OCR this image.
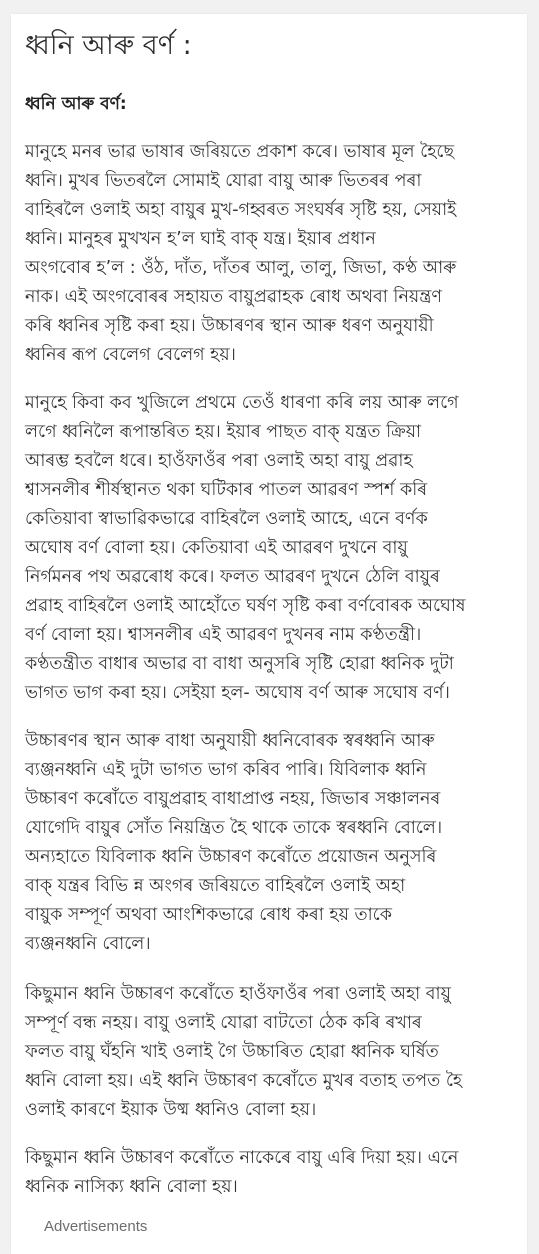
ধ্বনি আৰু বৰ্ণ :
ধ্বনি আৰু বৰ্ণ:

মানুহে মনৰ ভাৱ ভাষাৰ জৰিয়তে প্ৰকাশ কৰে। ভাষাৰ মূল হৈছে
ধ্বনি। মুখৰ ভিতৰলৈ সোমাই যোৱা বায়ু আৰু ভিতৰৰ পৰা
বাহিৰলৈ ওলাই অহা বায়ুৰ মুখ-গহ্বৰত সংঘৰ্ষৰ সৃষ্টি হয়, সেয়াই
ধ্বনি। মানুহৰ মুখখন হ’ল ঘাই বাক্ যন্ত্ৰ। ইয়াৰ প্ৰধান
অংগবোৰ হ’ল : ওঁঠ, দাঁত, দাঁতৰ আলু, তালু, জিভা, কণ্ঠ আৰু
নাক। এই অংগবোৰৰ সহায়ত বায়ুপ্ৰৱাহক ৰোধ অথবা নিয়ন্ত্ৰণ
কৰি ধ্বনিৰ সৃষ্টি কৰা হয়। উচ্চাৰণৰ স্থান আৰু ধৰণ অনুযায়ী
ধ্বনিৰ ৰূপ বেলেগ বেলেগ হয়।

মানুহে কিবা কব খুজিলে প্ৰথমে তেওঁ ধাৰণা কৰি লয় আৰু লগে
লগে ধ্বনিলৈ ৰূপান্তৰিত হয়। ইয়াৰ পাছত বাক্ যন্ত্ৰত ক্ৰিয়া
আৰম্ভ হবলৈ ধৰে। হাওঁফাওঁৰ পৰা ওলাই অহা বায়ু প্ৰৱাহ
শ্বাসনলীৰ শীৰ্ষস্থানত থকা ঘটিকাৰ পাতল আৱৰণ স্পৰ্শ কৰি
কেতিয়াবা স্বাভাৱিকভাৱে বাহিৰলৈ ওলাই আহে, এনে বৰ্ণক
অঘোষ বৰ্ণ বোলা হয়। কেতিয়াবা এই আৱৰণ দুখনে বায়ু
নিৰ্গমনৰ পথ অৱৰোধ কৰে। ফলত আৱৰণ দুখনে ঠেলি বায়ুৰ
প্ৰৱাহ বাহিৰলৈ ওলাই আহোঁতে ঘৰ্ষণ সৃষ্টি কৰা বৰ্ণবোৰক অঘোষ
বৰ্ণ বোলা হয়। শ্বাসনলীৰ এই আৱৰণ দুখনৰ নাম কণ্ঠতন্ত্ৰী।
কণ্ঠতন্ত্ৰীত বাধাৰ অভাৱ বা বাধা অনুসৰি সৃষ্টি হোৱা ধ্বনিক দুটা
ভাগত ভাগ কৰা হয়। সেইয়া হল- অঘোষ বৰ্ণ আৰু সঘোষ বৰ্ণ।

উচ্চাৰণৰ স্থান আৰু বাধা অনুযায়ী ধ্বনিবোৰক স্বৰধ্বনি আৰু
ব্যঞ্জনধ্বনি এই দুটা ভাগত ভাগ কৰিব পাৰি। যিবিলাক ধ্বনি
উচ্চাৰণ কৰোঁতে বায়ুপ্ৰৱাহ বাধাপ্ৰাপ্ত নহয়, জিভাৰ সঞ্চালনৰ
যোগেদি বায়ুৰ সোঁত নিয়ন্ত্ৰিত হৈ থাকে তাকে স্বৰধ্বনি বোলে।
অন্যহাতে যিবিলাক ধ্বনি উচ্চাৰণ কৰোঁতে প্ৰয়োজন অনুসৰি
বাক্ যন্ত্ৰৰ বিভি ন্ন অংগৰ জৰিয়তে বাহিৰলৈ ওলাই অহা
বায়ুক সম্পূৰ্ণ অথবা আংশিকভাৱে ৰোধ কৰা হয় তাকে
ব্যঞ্জনধ্বনি বোলে।

কিছুমান ধ্বনি উচ্চাৰণ কৰোঁতে হাওঁফাওঁৰ পৰা ওলাই অহা বায়ু
সম্পূৰ্ণ বন্ধ নহয়। বায়ু ওলাই যোৱা বাটতো ঠেক কৰি ৰখাৰ
ফলত বায়ু ঘঁহনি খাই ওলাই গৈ উচ্চাৰিত হোৱা ধ্বনিক ঘৰ্ষিত
ধ্বনি বোলা হয়। এই ধ্বনি উচ্চাৰণ কৰোঁতে মুখৰ বতাহ তপত হৈ
ওলাই কাৰণে ইয়াক উষ্ম ধ্বনিও বোলা হয়।

কিছুমান ধ্বনি উচ্চাৰণ কৰোঁতে নাকেৰে বায়ু এৰি দিয়া হয়। এনে
ধ্বনিক নাসিক্য ধ্বনি বোলা হয়।

Advertisements
